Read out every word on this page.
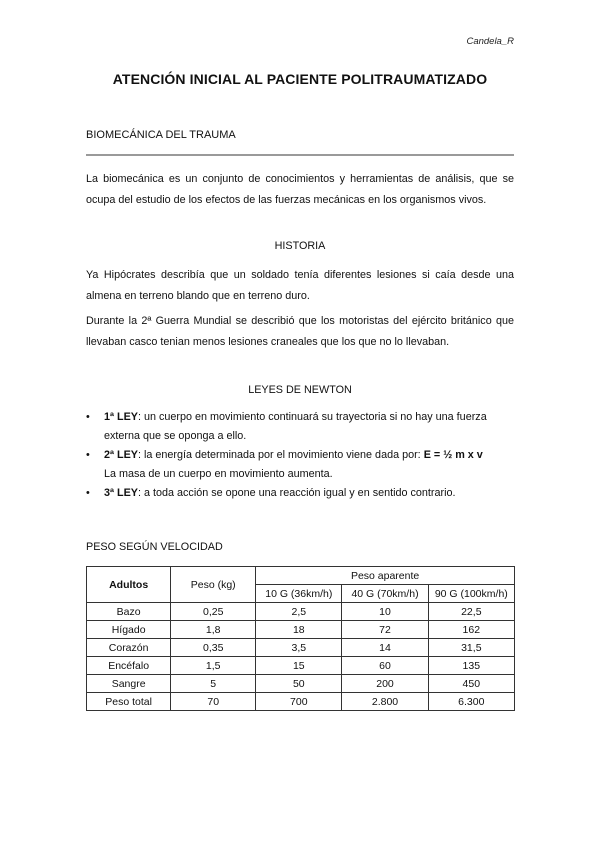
Candela_R
ATENCIÓN INICIAL AL PACIENTE POLITRAUMATIZADO
BIOMECÁNICA DEL TRAUMA
La biomecánica es un conjunto de conocimientos y herramientas de análisis, que se ocupa del estudio de los efectos de las fuerzas mecánicas en los organismos vivos.
HISTORIA
Ya Hipócrates describía que un soldado tenía diferentes lesiones si caía desde una almena en terreno blando que en terreno duro.
Durante la 2ª Guerra Mundial se describió que los motoristas del ejército británico que llevaban casco tenian menos lesiones craneales que los que no lo llevaban.
LEYES DE NEWTON
• 1ª LEY: un cuerpo en movimiento continuará su trayectoria si no hay una fuerza externa que se oponga a ello.
• 2ª LEY: la energía determinada por el movimiento viene dada por: E = ½ m x v
La masa de un cuerpo en movimiento aumenta.
• 3ª LEY: a toda acción se opone una reacción igual y en sentido contrario.
PESO SEGÚN VELOCIDAD
Adultos	Peso (kg)	Peso aparente		
		10 G (36km/h)	40 G (70km/h)	90 G (100km/h)
Bazo	0,25	2,5	10	22,5
Hígado	1,8	18	72	162
Corazón	0,35	3,5	14	31,5
Encéfalo	1,5	15	60	135
Sangre	5	50	200	450
Peso total	70	700	2.800	6.300
